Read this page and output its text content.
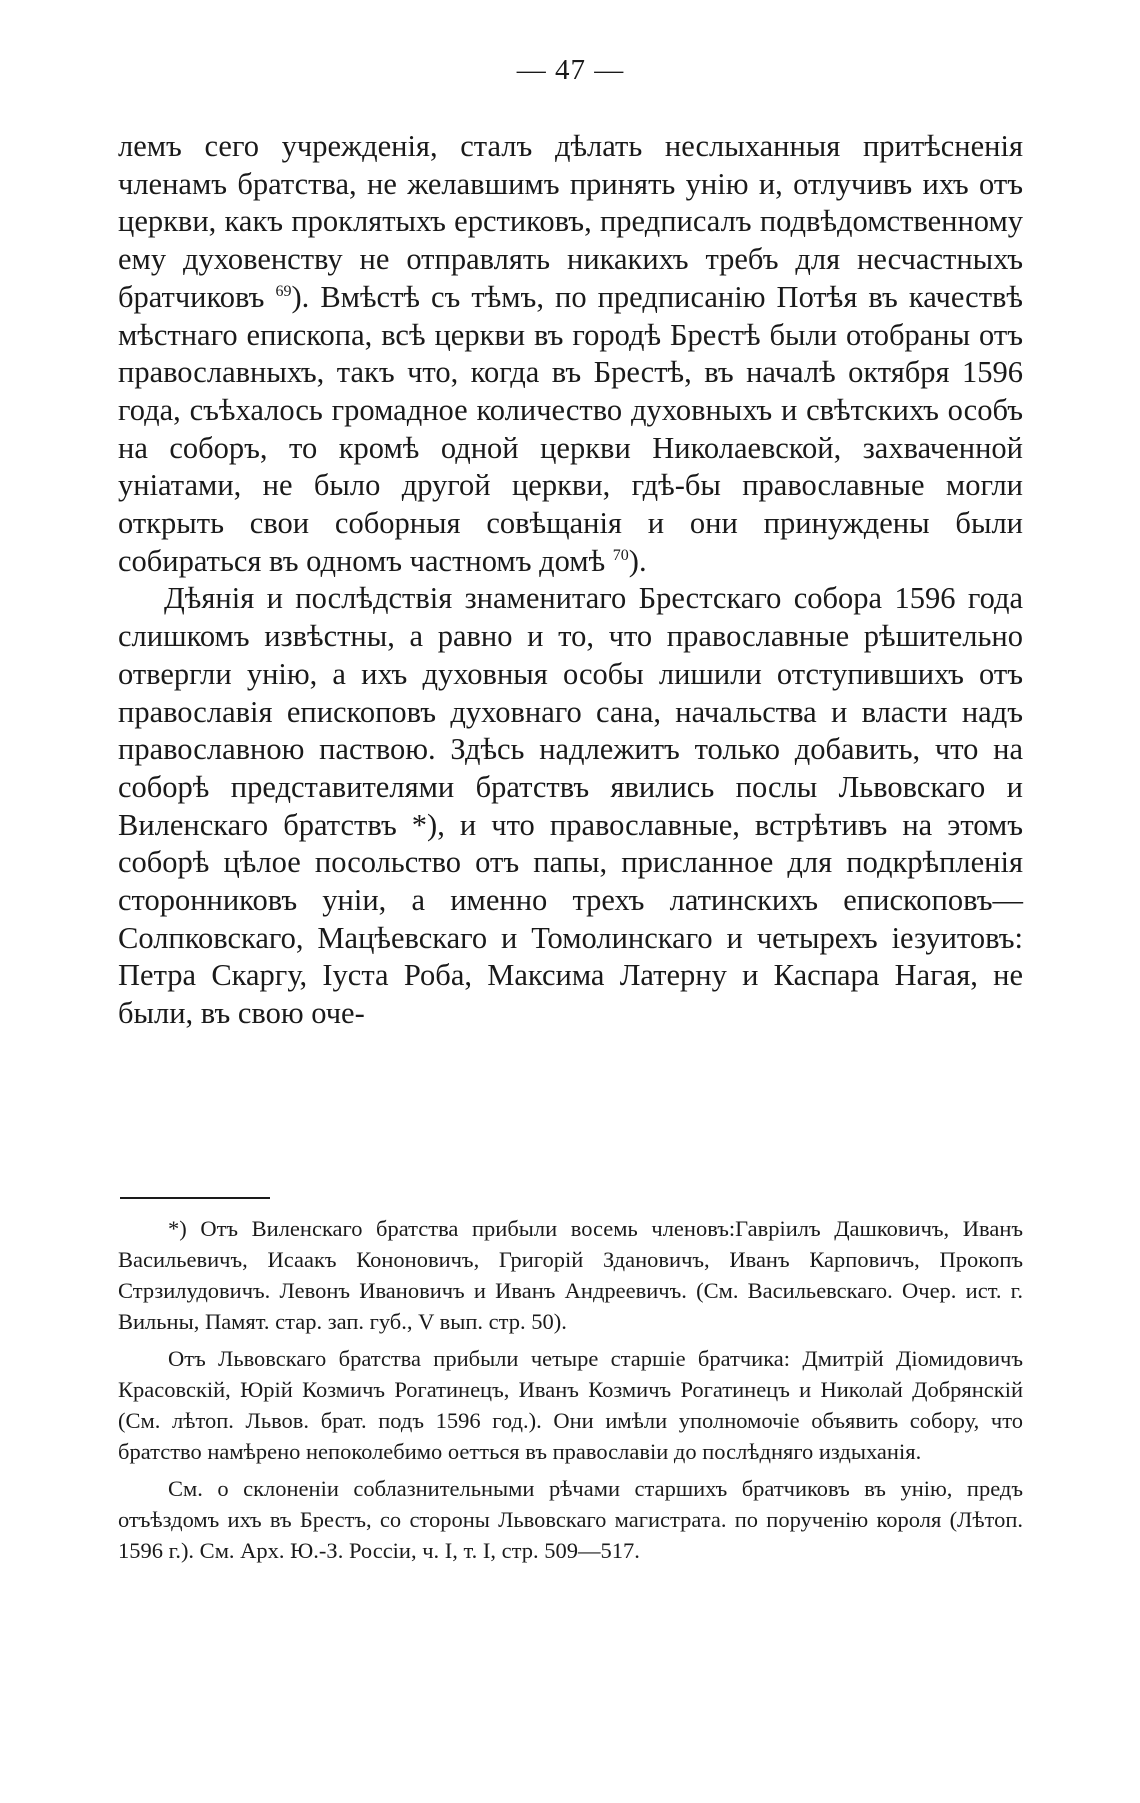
— 47 —

лемъ сего учрежденія, сталъ дѣлать неслыханныя притѣсненія членамъ братства, не желавшимъ принять унію и, отлучивъ ихъ отъ церкви, какъ проклятыхъ ерстиковъ, предписалъ подвѣдомственному ему духовенству не отправлять никакихъ требъ для несчастныхъ братчиковъ $^{69}$). Вмѣстѣ съ тѣмъ, по предписанію Потѣя въ качествѣ мѣстнаго епископа, всѣ церкви въ городѣ Брестѣ были отобраны отъ православныхъ, такъ что, когда въ Брестѣ, въ началѣ октября 1596 года, съѣхалось громадное количество духовныхъ и свѣтскихъ особъ на соборъ, то кромѣ одной церкви Николаевской, захваченной уніатами, не было другой церкви, гдѣ-бы православные могли открыть свои соборныя совѣщанія и они принуждены были собираться въ одномъ частномъ домѣ $^{70}$).

Дѣянія и послѣдствія знаменитаго Брестскаго собора 1596 года слишкомъ извѣстны, а равно и то, что православные рѣшительно отвергли унію, а ихъ духовныя особы лишили отступившихъ отъ православія епископовъ духовнаго сана, начальства и власти надъ православною паствою. Здѣсь надлежитъ только добавить, что на соборѣ представителями братствъ явились послы Львовскаго и Виленскаго братствъ *), и что православные, встрѣтивъ на этомъ соборѣ цѣлое посольство отъ папы, присланное для подкрѣпленія сторонниковъ уніи, а именно трехъ латинскихъ епископовъ—Солпковскаго, Мацѣевскаго и Томолинскаго и четырехъ іезуитовъ: Петра Скаргу, Іуста Роба, Максима Латерну и Каспара Нагая, не были, въ свою оче-

*) Отъ Виленскаго братства прибыли восемь членовъ:Гавріилъ Дашковичъ, Иванъ Васильевичъ, Исаакъ Кононовичъ, Григорій Здановичъ, Иванъ Карповичъ, Прокопъ Стрзилудовичъ. Левонъ Ивановичъ и Иванъ Андреевичъ. (См. Васильевскаго. Очер. ист. г. Вильны, Памят. стар. зап. губ., V вып. стр. 50).

Отъ Львовскаго братства прибыли четыре старшіе братчика: Дмитрій Діомидовичъ Красовскій, Юрій Козмичъ Рогатинецъ, Иванъ Козмичъ Рогатинецъ и Николай Добрянскій (См. лѣтоп. Львов. брат. подъ 1596 год.). Они имѣли уполномочіе объявить собору, что братство намѣрено непоколебимо оетться въ православіи до послѣдняго издыханія.

См. о склоненіи соблазнительными рѣчами старшихъ братчиковъ въ унію, предъ отъѣздомъ ихъ въ Брестъ, со стороны Львовскаго магистрата. по порученію короля (Лѣтоп. 1596 г.). См. Арх. Ю.-З. Россіи, ч. I, т. I, стр. 509—517.
